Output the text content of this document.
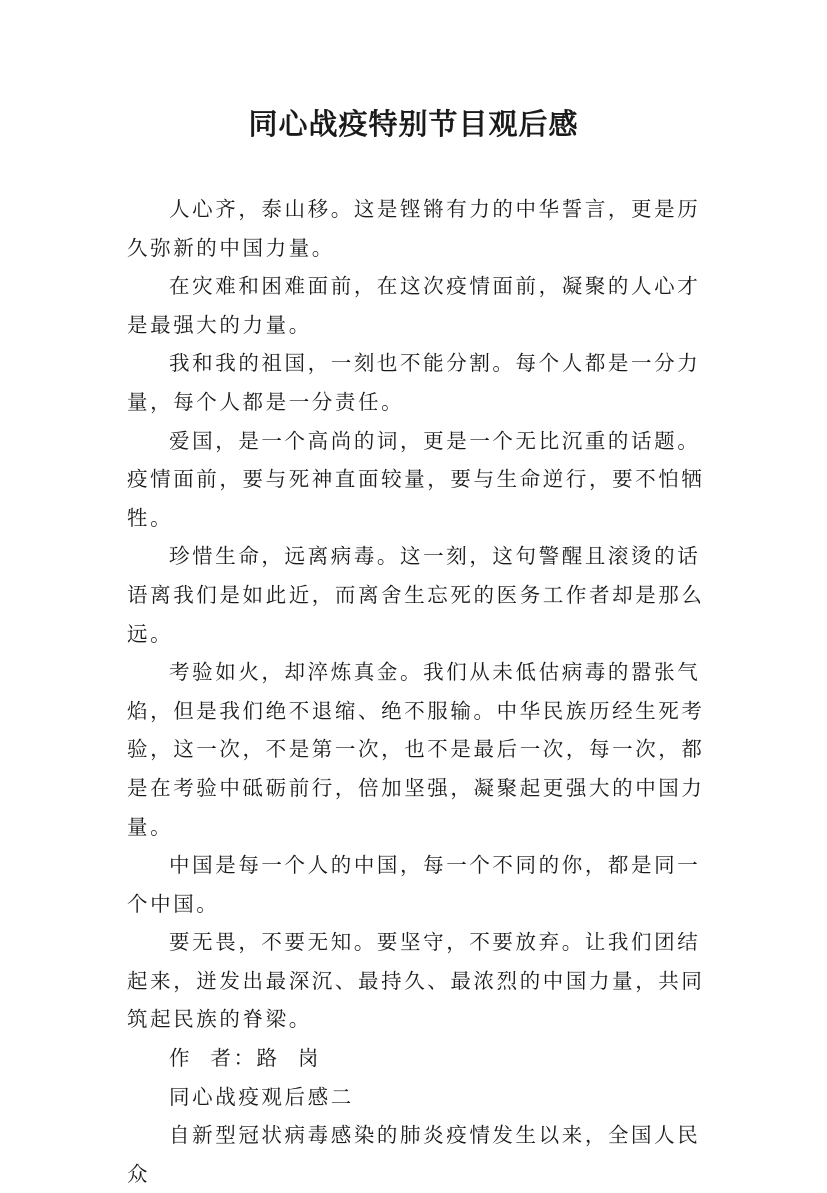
同心战疫特别节目观后感

人心齐，泰山移。这是铿锵有力的中华誓言，更是历久弥新的中国力量。

在灾难和困难面前，在这次疫情面前，凝聚的人心才是最强大的力量。

我和我的祖国，一刻也不能分割。每个人都是一分力量，每个人都是一分责任。

爱国，是一个高尚的词，更是一个无比沉重的话题。疫情面前，要与死神直面较量，要与生命逆行，要不怕牺牲。

珍惜生命，远离病毒。这一刻，这句警醒且滚烫的话语离我们是如此近，而离舍生忘死的医务工作者却是那么远。

考验如火，却淬炼真金。我们从未低估病毒的嚣张气焰，但是我们绝不退缩、绝不服输。中华民族历经生死考验，这一次，不是第一次，也不是最后一次，每一次，都是在考验中砥砺前行，倍加坚强，凝聚起更强大的中国力量。

中国是每一个人的中国，每一个不同的你，都是同一个中国。

要无畏，不要无知。要坚守，不要放弃。让我们团结起来，迸发出最深沉、最持久、最浓烈的中国力量，共同筑起民族的脊梁。

作  者：路  岗

同心战疫观后感二

自新型冠状病毒感染的肺炎疫情发生以来，全国人民众
